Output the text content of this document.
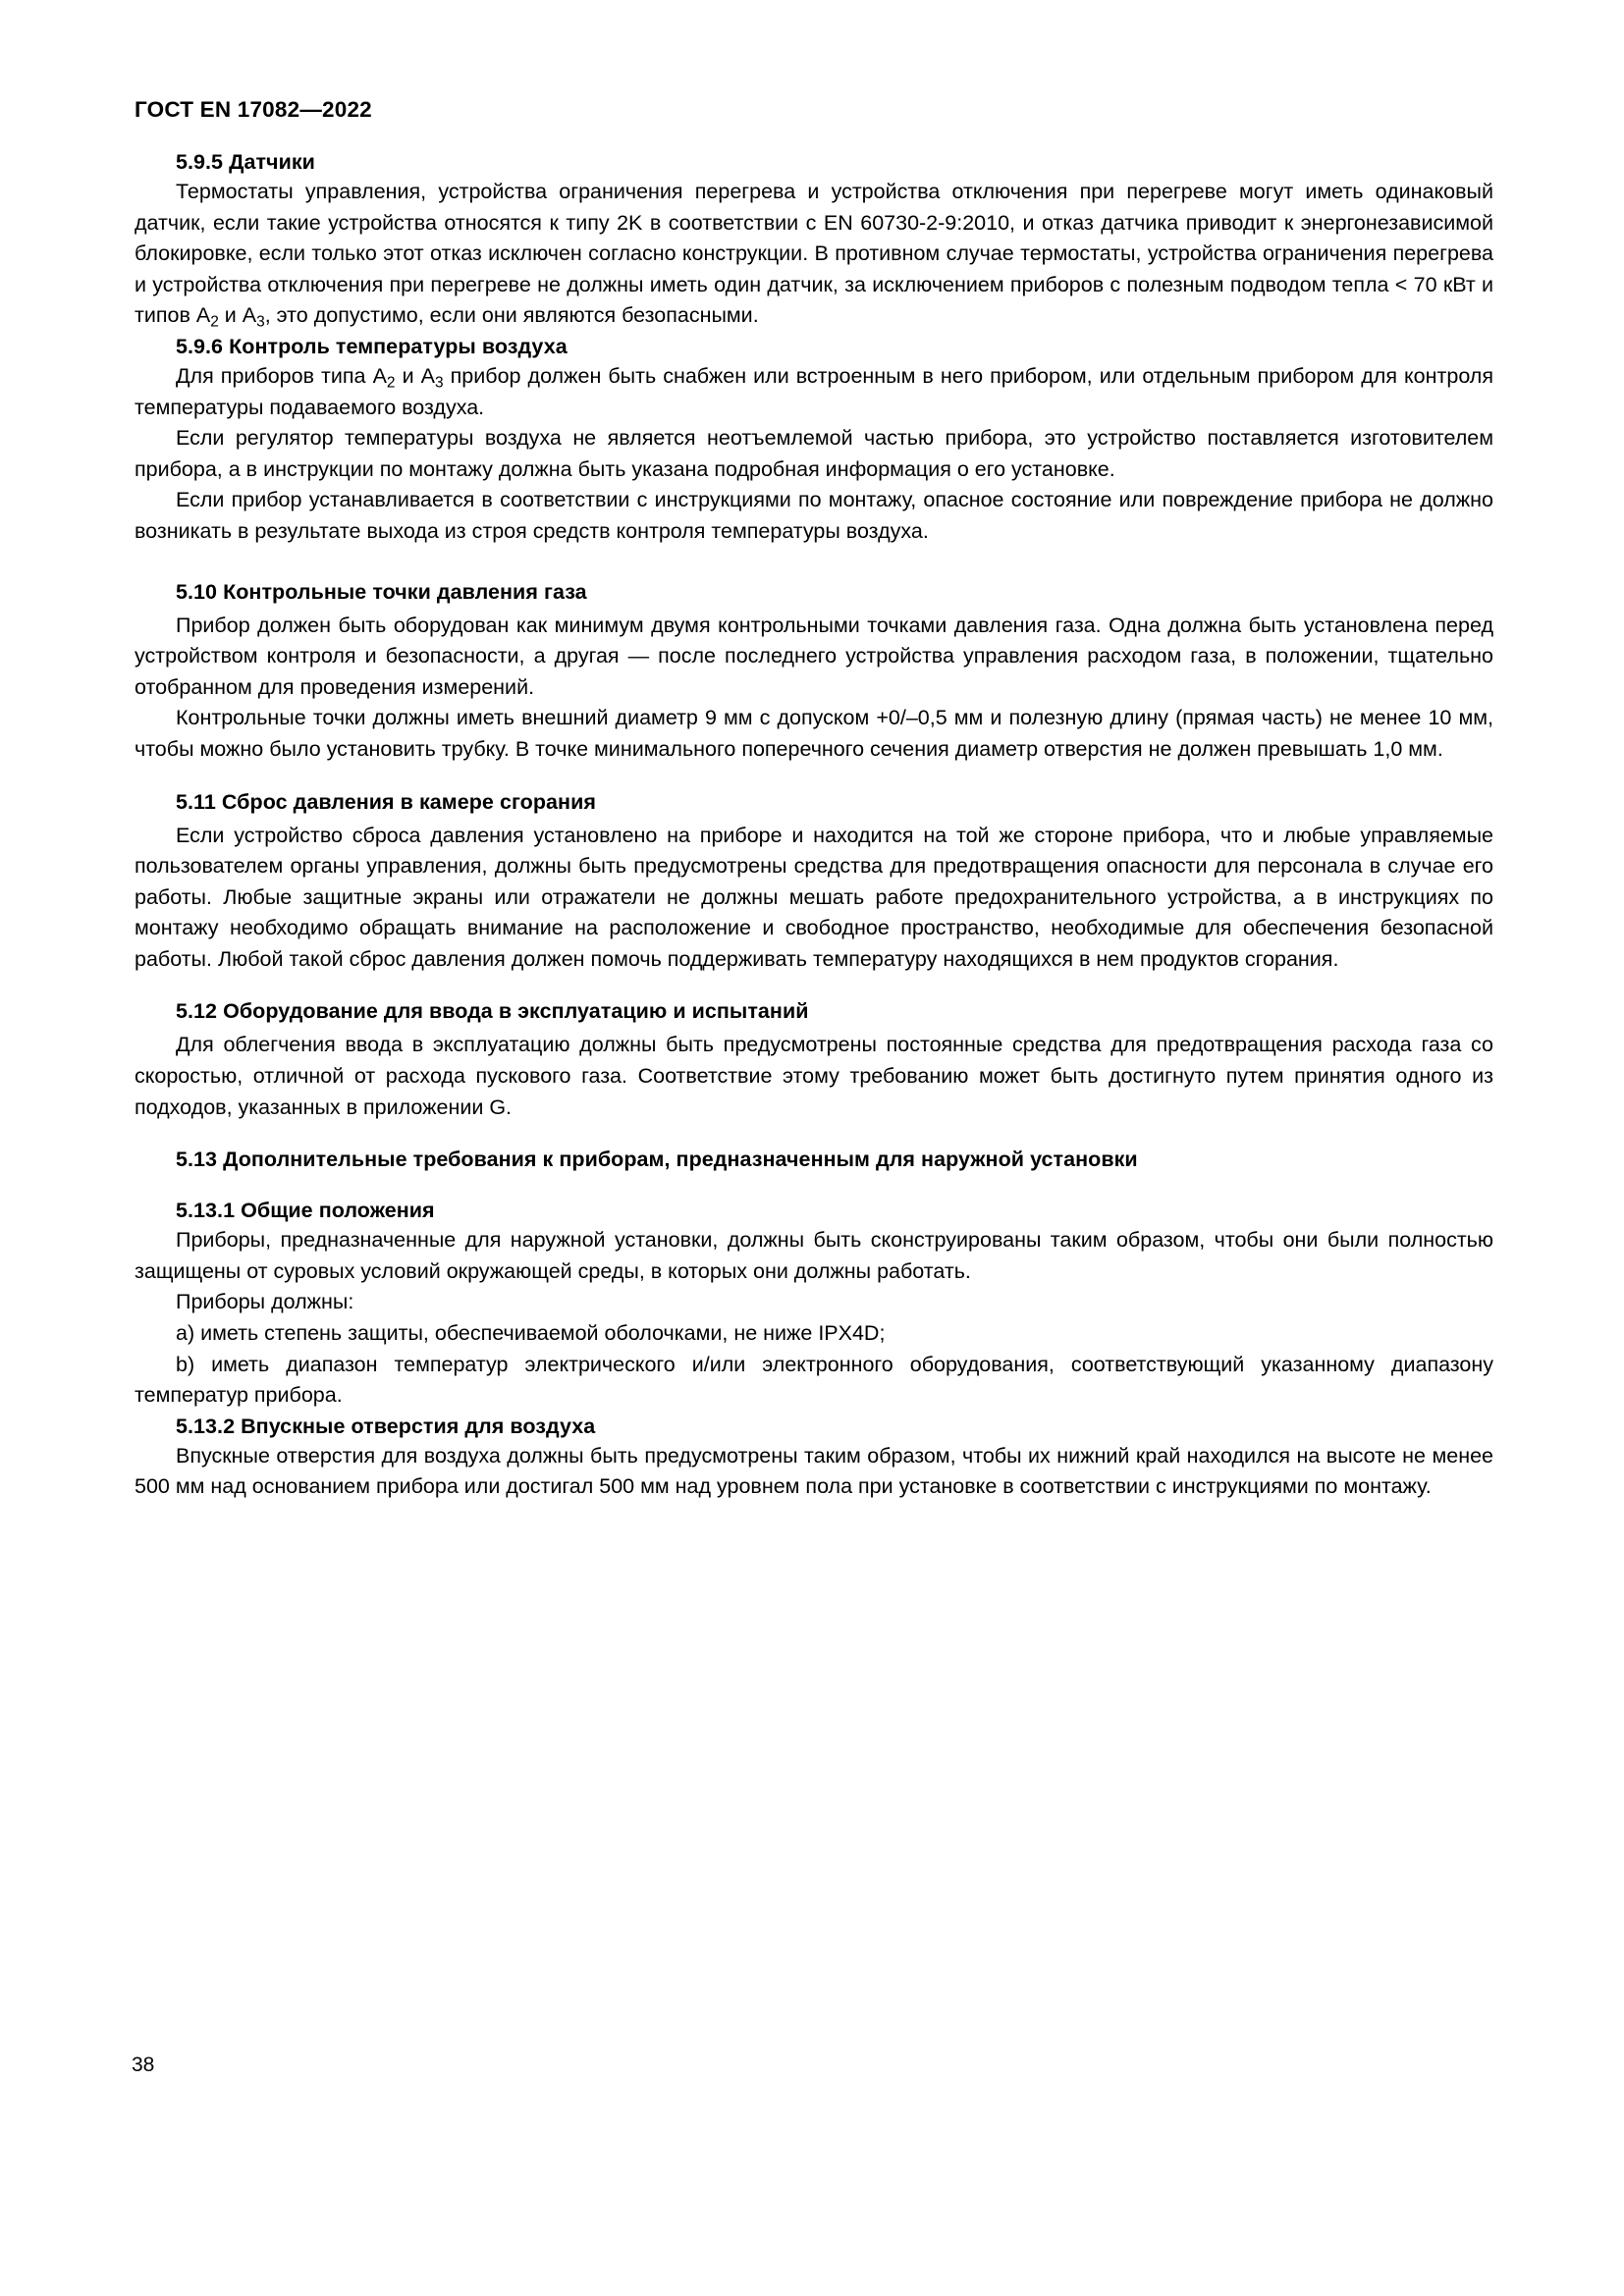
ГОСТ EN 17082—2022
5.9.5 Датчики

Термостаты управления, устройства ограничения перегрева и устройства отключения при перегреве могут иметь одинаковый датчик, если такие устройства относятся к типу 2K в соответствии с EN 60730-2-9:2010, и отказ датчика приводит к энергонезависимой блокировке, если только этот отказ исключен согласно конструкции. В противном случае термостаты, устройства ограничения перегрева и устройства отключения при перегреве не должны иметь один датчик, за исключением приборов с полезным подводом тепла < 70 кВт и типов $A_2$ и $A_3$, это допустимо, если они являются безопасными.

5.9.6 Контроль температуры воздуха

Для приборов типа $A_2$ и $A_3$ прибор должен быть снабжен или встроенным в него прибором, или отдельным прибором для контроля температуры подаваемого воздуха.

Если регулятор температуры воздуха не является неотъемлемой частью прибора, это устройство поставляется изготовителем прибора, а в инструкции по монтажу должна быть указана подробная информация о его установке.

Если прибор устанавливается в соответствии с инструкциями по монтажу, опасное состояние или повреждение прибора не должно возникать в результате выхода из строя средств контроля температуры воздуха.

5.10 Контрольные точки давления газа

Прибор должен быть оборудован как минимум двумя контрольными точками давления газа. Одна должна быть установлена перед устройством контроля и безопасности, а другая — после последнего устройства управления расходом газа, в положении, тщательно отобранном для проведения измерений.

Контрольные точки должны иметь внешний диаметр 9 мм с допуском +0/–0,5 мм и полезную длину (прямая часть) не менее 10 мм, чтобы можно было установить трубку. В точке минимального поперечного сечения диаметр отверстия не должен превышать 1,0 мм.

5.11 Сброс давления в камере сгорания

Если устройство сброса давления установлено на приборе и находится на той же стороне прибора, что и любые управляемые пользователем органы управления, должны быть предусмотрены средства для предотвращения опасности для персонала в случае его работы. Любые защитные экраны или отражатели не должны мешать работе предохранительного устройства, а в инструкциях по монтажу необходимо обращать внимание на расположение и свободное пространство, необходимые для обеспечения безопасной работы. Любой такой сброс давления должен помочь поддерживать температуру находящихся в нем продуктов сгорания.

5.12 Оборудование для ввода в эксплуатацию и испытаний

Для облегчения ввода в эксплуатацию должны быть предусмотрены постоянные средства для предотвращения расхода газа со скоростью, отличной от расхода пускового газа. Соответствие этому требованию может быть достигнуто путем принятия одного из подходов, указанных в приложении G.

5.13 Дополнительные требования к приборам, предназначенным для наружной установки
5.13.1 Общие положения

Приборы, предназначенные для наружной установки, должны быть сконструированы таким образом, чтобы они были полностью защищены от суровых условий окружающей среды, в которых они должны работать.

Приборы должны:

a) иметь степень защиты, обеспечиваемой оболочками, не ниже IPX4D;

b) иметь диапазон температур электрического и/или электронного оборудования, соответствующий указанному диапазону температур прибора.

5.13.2 Впускные отверстия для воздуха

Впускные отверстия для воздуха должны быть предусмотрены таким образом, чтобы их нижний край находился на высоте не менее 500 мм над основанием прибора или достигал 500 мм над уровнем пола при установке в соответствии с инструкциями по монтажу.

38
